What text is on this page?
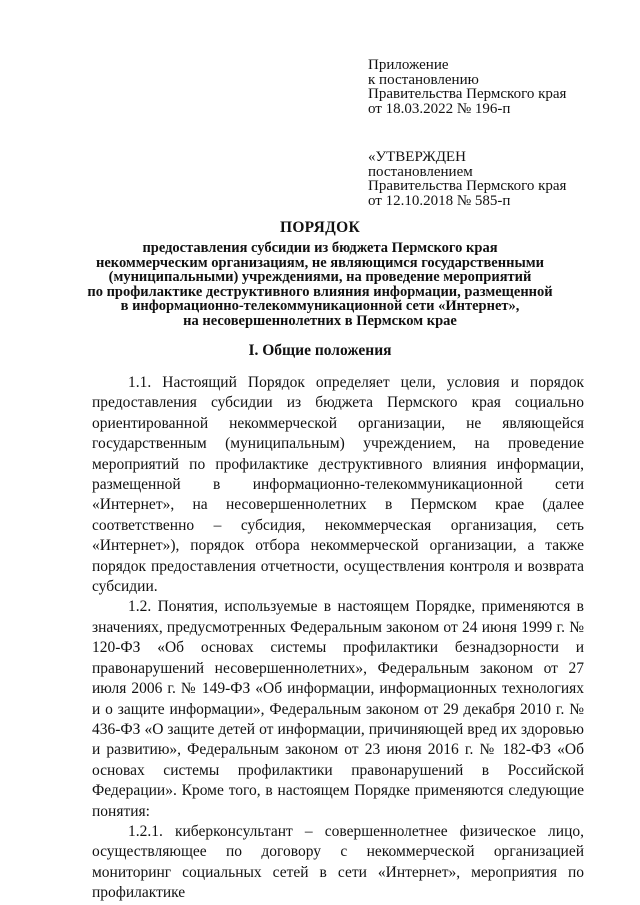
Приложение
к постановлению
Правительства Пермского края
от 18.03.2022 № 196-п
«УТВЕРЖДЕН
постановлением
Правительства Пермского края
от 12.10.2018 № 585-п
ПОРЯДОК
предоставления субсидии из бюджета Пермского края
некоммерческим организациям, не являющимся государственными
(муниципальными) учреждениями, на проведение мероприятий
по профилактике деструктивного влияния информации, размещенной
в информационно-телекоммуникационной сети «Интернет»,
на несовершеннолетних в Пермском крае
I. Общие положения

1.1. Настоящий Порядок определяет цели, условия и порядок предоставления субсидии из бюджета Пермского края социально ориентированной некоммерческой организации, не являющейся государственным (муниципальным) учреждением, на проведение мероприятий по профилактике деструктивного влияния информации, размещенной в информационно-телекоммуникационной сети «Интернет», на несовершеннолетних в Пермском крае (далее соответственно – субсидия, некоммерческая организация, сеть «Интернет»), порядок отбора некоммерческой организации, а также порядок предоставления отчетности, осуществления контроля и возврата субсидии.

1.2. Понятия, используемые в настоящем Порядке, применяются в значениях, предусмотренных Федеральным законом от 24 июня 1999 г. № 120-ФЗ «Об основах системы профилактики безнадзорности и правонарушений несовершеннолетних», Федеральным законом от 27 июля 2006 г. № 149-ФЗ «Об информации, информационных технологиях и о защите информации», Федеральным законом от 29 декабря 2010 г. № 436-ФЗ «О защите детей от информации, причиняющей вред их здоровью и развитию», Федеральным законом от 23 июня 2016 г. № 182-ФЗ «Об основах системы профилактики правонарушений в Российской Федерации». Кроме того, в настоящем Порядке применяются следующие понятия:

1.2.1. киберконсультант – совершеннолетнее физическое лицо, осуществляющее по договору с некоммерческой организацией мониторинг социальных сетей в сети «Интернет», мероприятия по профилактике
